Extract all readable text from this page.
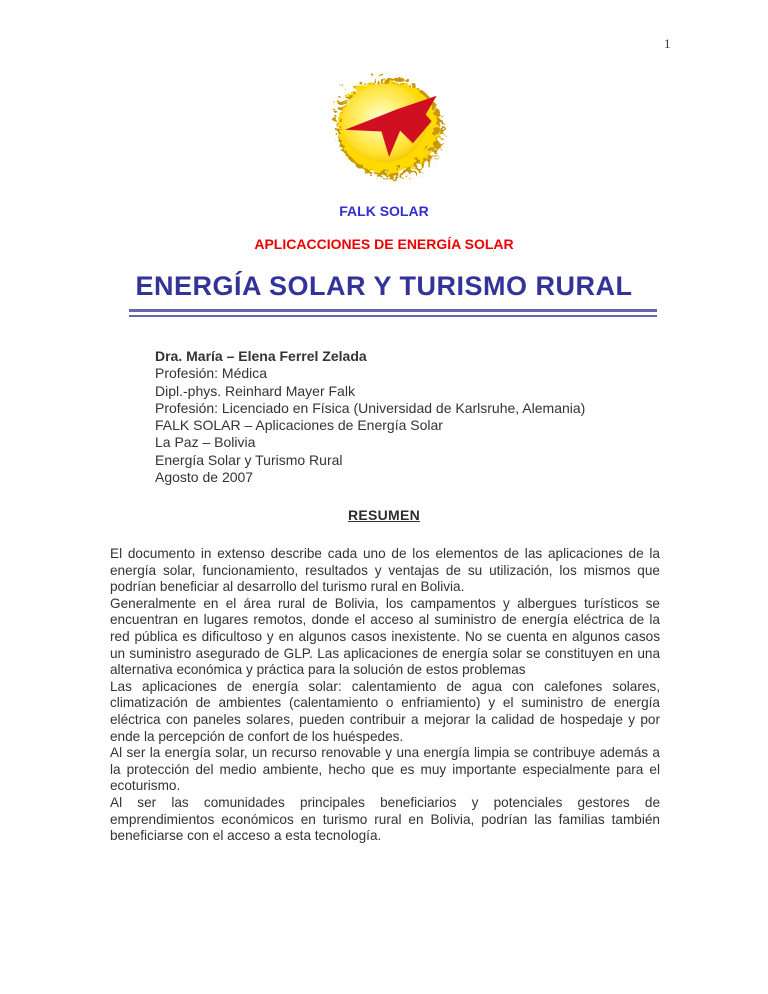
1
FALK SOLAR
APLICACCIONES DE ENERGÍA SOLAR
ENERGÍA SOLAR Y TURISMO RURAL
Dra. María – Elena Ferrel Zelada
Profesión: Médica
Dipl.-phys. Reinhard Mayer Falk
Profesión: Licenciado en Física (Universidad de Karlsruhe, Alemania)
FALK SOLAR – Aplicaciones de Energía Solar
La Paz – Bolivia
Energía Solar y Turismo Rural
Agosto de 2007
RESUMEN

El documento in extenso describe cada uno de los elementos de las aplicaciones de la energía solar, funcionamiento, resultados y ventajas de su utilización, los mismos que podrían beneficiar al desarrollo del turismo rural en Bolivia.

Generalmente en el área rural de Bolivia, los campamentos y albergues turísticos se encuentran en lugares remotos, donde el acceso al suministro de energía eléctrica de la red pública es dificultoso y en algunos casos inexistente. No se cuenta en algunos casos un suministro asegurado de GLP. Las aplicaciones de energía solar se constituyen en una alternativa económica y práctica para la solución de estos problemas

Las aplicaciones de energía solar: calentamiento de agua con calefones solares, climatización de ambientes (calentamiento o enfriamiento) y el suministro de energía eléctrica con paneles solares, pueden contribuir a mejorar la calidad de hospedaje y por ende la percepción de confort de los huéspedes.

Al ser la energía solar, un recurso renovable y una energía limpia se contribuye además a la protección del medio ambiente, hecho que es muy importante especialmente para el ecoturismo.

Al ser las comunidades principales beneficiarios y potenciales gestores de emprendimientos económicos en turismo rural en Bolivia, podrían las familias también beneficiarse con el acceso a esta tecnología.
